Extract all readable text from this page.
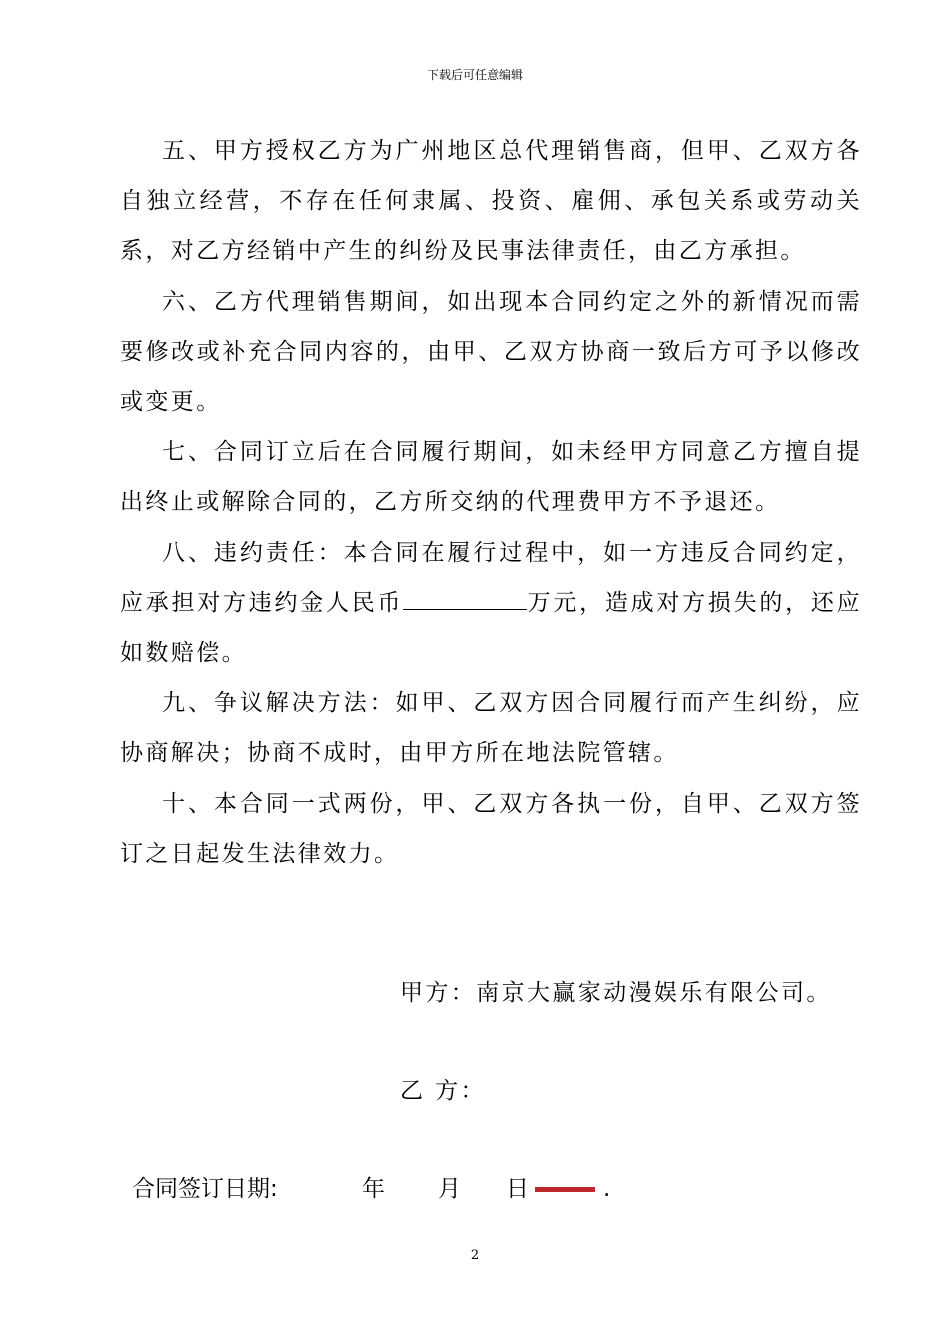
下载后可任意编辑

五、甲方授权乙方为广州地区总代理销售商，但甲、乙双方各自独立经营，不存在任何隶属、投资、雇佣、承包关系或劳动关系，对乙方经销中产生的纠纷及民事法律责任，由乙方承担。

六、乙方代理销售期间，如出现本合同约定之外的新情况而需要修改或补充合同内容的，由甲、乙双方协商一致后方可予以修改或变更。

七、合同订立后在合同履行期间，如未经甲方同意乙方擅自提出终止或解除合同的，乙方所交纳的代理费甲方不予退还。

八、违约责任：本合同在履行过程中，如一方违反合同约定，应承担对方违约金人民币	万元，造成对方损失的，还应如数赔偿。

九、争议解决方法：如甲、乙双方因合同履行而产生纠纷，应协商解决；协商不成时，由甲方所在地法院管辖。

十、本合同一式两份，甲、乙双方各执一份，自甲、乙双方签订之日起发生法律效力。

甲方：南京大赢家动漫娱乐有限公司。
乙 方：
合同签订日期:	年 月 日	.
2
